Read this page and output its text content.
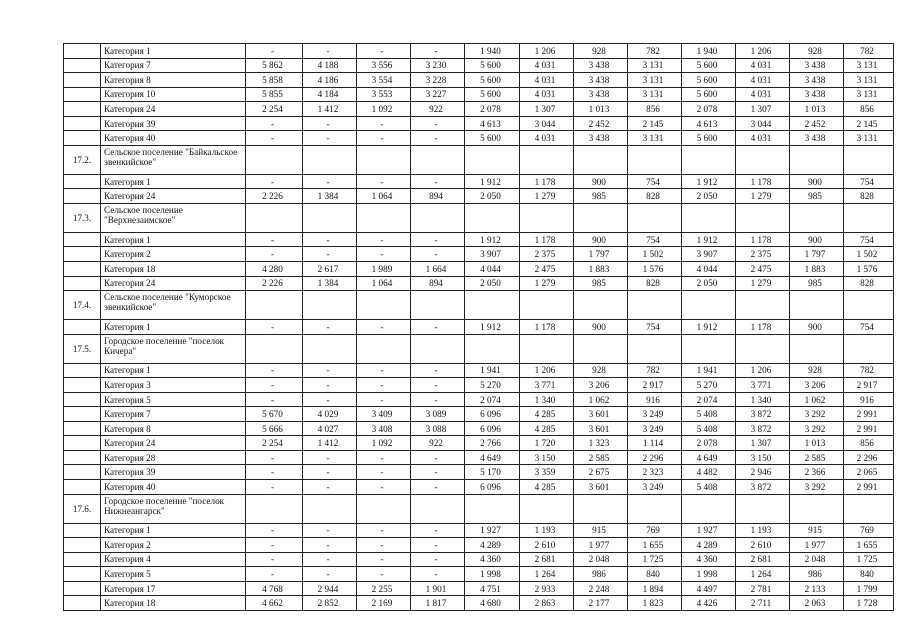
	Категория 1	-	-	-	-	1 940	1 206	928	782	1 940	1 206	928	782
	Категория 7	5 862	4 188	3 556	3 230	5 600	4 031	3 438	3 131	5 600	4 031	3 438	3 131
	Категория 8	5 858	4 186	3 554	3 228	5 600	4 031	3 438	3 131	5 600	4 031	3 438	3 131
	Категория 10	5 855	4 184	3 553	3 227	5 600	4 031	3 438	3 131	5 600	4 031	3 438	3 131
	Категория 24	2 254	1 412	1 092	922	2 078	1 307	1 013	856	2 078	1 307	1 013	856
	Категория 39	-	-	-	-	4 613	3 044	2 452	2 145	4 613	3 044	2 452	2 145
	Категория 40	-	-	-	-	5 600	4 031	3 438	3 131	5 600	4 031	3 438	3 131
17.2.	Сельское поселение "Байкальское эвенкийское"												
	Категория 1	-	-	-	-	1 912	1 178	900	754	1 912	1 178	900	754
	Категория 24	2 226	1 384	1 064	894	2 050	1 279	985	828	2 050	1 279	985	828
17.3.	Сельское поселение "Верхнезаимское"												
	Категория 1	-	-	-	-	1 912	1 178	900	754	1 912	1 178	900	754
	Категория 2	-	-	-	-	3 907	2 375	1 797	1 502	3 907	2 375	1 797	1 502
	Категория 18	4 280	2 617	1 989	1 664	4 044	2 475	1 883	1 576	4 044	2 475	1 883	1 576
	Категория 24	2 226	1 384	1 064	894	2 050	1 279	985	828	2 050	1 279	985	828
17.4.	Сельское поселение "Куморское эвенкийское"												
	Категория 1	-	-	-	-	1 912	1 178	900	754	1 912	1 178	900	754
17.5.	Городское поселение "поселок Кичера"												
	Категория 1	-	-	-	-	1 941	1 206	928	782	1 941	1 206	928	782
	Категория 3	-	-	-	-	5 270	3 771	3 206	2 917	5 270	3 771	3 206	2 917
	Категория 5	-	-	-	-	2 074	1 340	1 062	916	2 074	1 340	1 062	916
	Категория 7	5 670	4 029	3 409	3 089	6 096	4 285	3 601	3 249	5 408	3 872	3 292	2 991
	Категория 8	5 666	4 027	3 408	3 088	6 096	4 285	3 601	3 249	5 408	3 872	3 292	2 991
	Категория 24	2 254	1 412	1 092	922	2 766	1 720	1 323	1 114	2 078	1 307	1 013	856
	Категория 28	-	-	-	-	4 649	3 150	2 585	2 296	4 649	3 150	2 585	2 296
	Категория 39	-	-	-	-	5 170	3 359	2 675	2 323	4 482	2 946	2 366	2 065
	Категория 40	-	-	-	-	6 096	4 285	3 601	3 249	5 408	3 872	3 292	2 991
17.6.	Городское поселение "поселок Нижнеангарск"												
	Категория 1	-	-	-	-	1 927	1 193	915	769	1 927	1 193	915	769
	Категория 2	-	-	-	-	4 289	2 610	1 977	1 655	4 289	2 610	1 977	1 655
	Категория 4	-	-	-	-	4 360	2 681	2 048	1 725	4 360	2 681	2 048	1 725
	Категория 5	-	-	-	-	1 998	1 264	986	840	1 998	1 264	986	840
	Категория 17	4 768	2 944	2 255	1 901	4 751	2 933	2 248	1 894	4 497	2 781	2 133	1 799
	Категория 18	4 662	2 852	2 169	1 817	4 680	2 863	2 177	1 823	4 426	2 711	2 063	1 728
